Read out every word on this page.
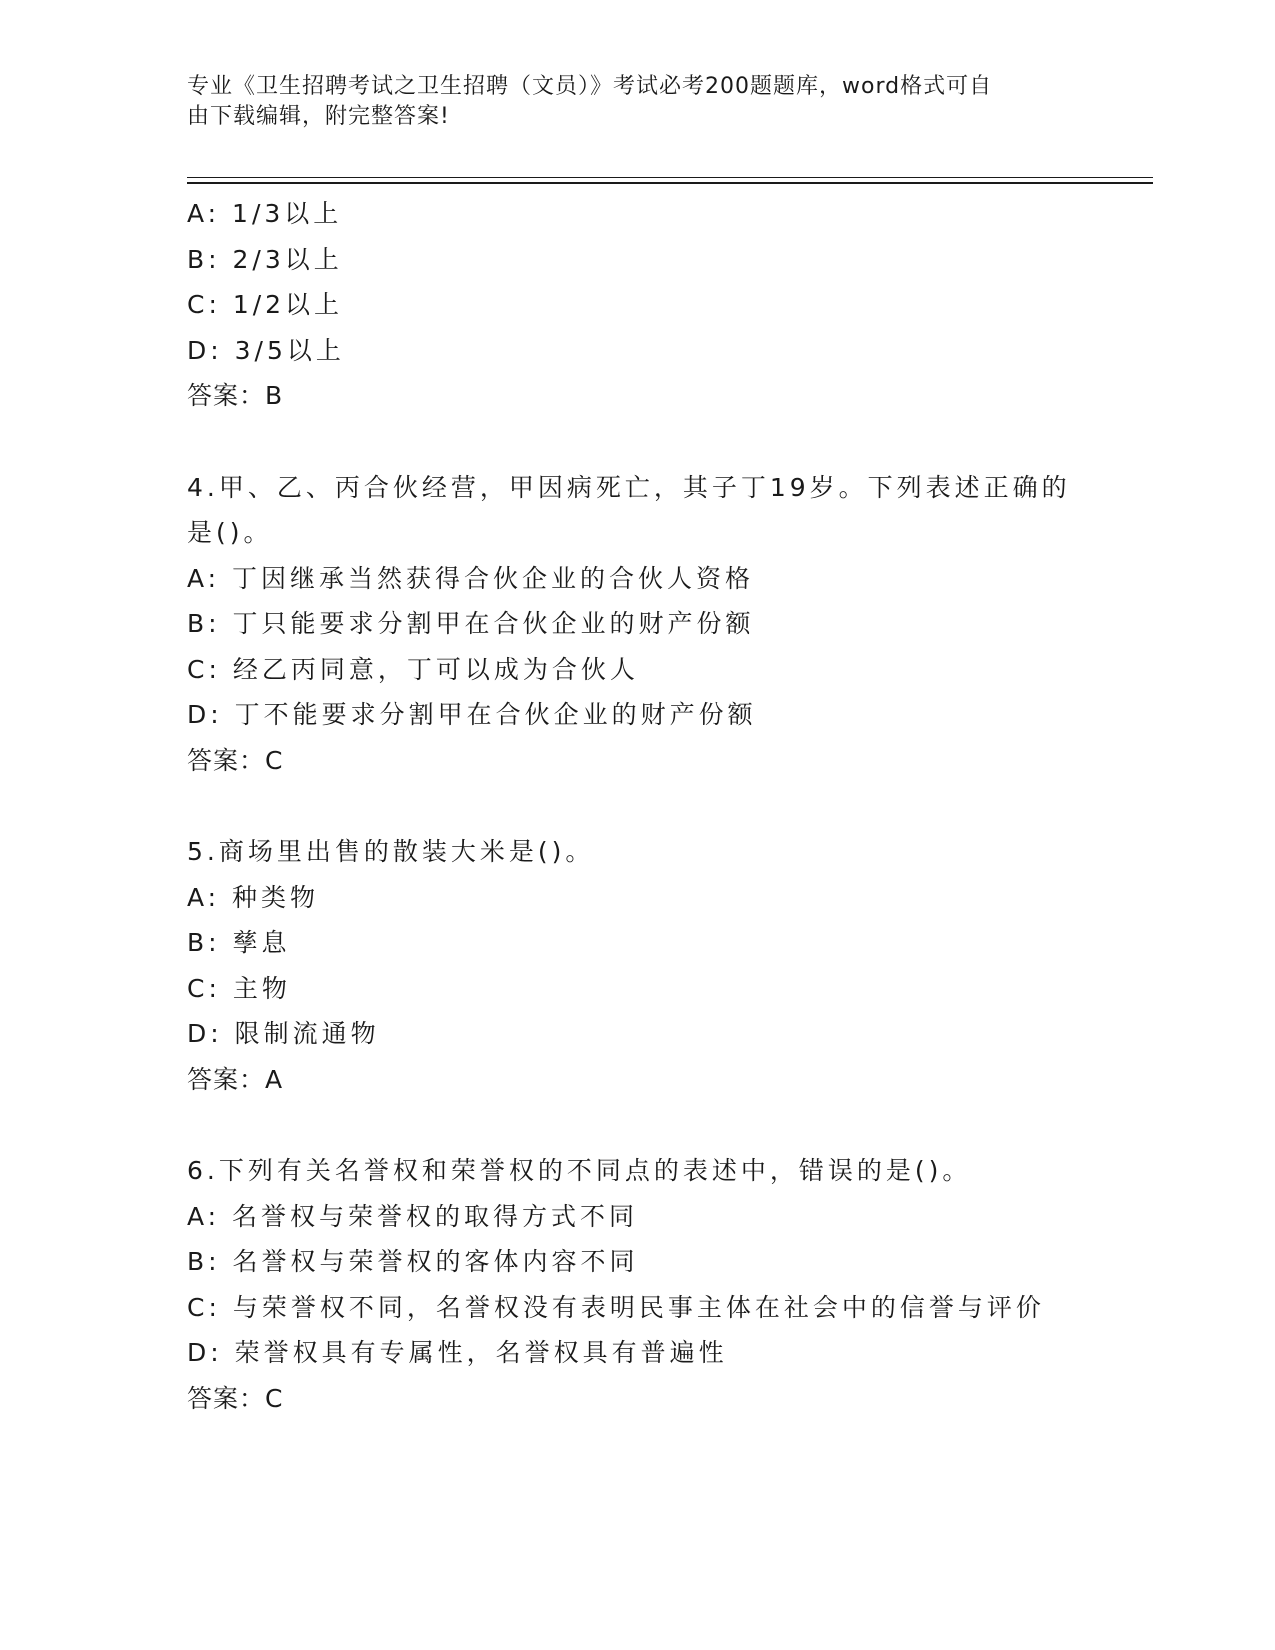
专业《卫生招聘考试之卫生招聘（文员）》考试必考200题题库，word格式可自
由下载编辑，附完整答案!
A: 1/3以上
B: 2/3以上
C: 1/2以上
D: 3/5以上
答案：B
4.甲、乙、丙合伙经营，甲因病死亡，其子丁19岁。下列表述正确的
是()。
A: 丁因继承当然获得合伙企业的合伙人资格
B: 丁只能要求分割甲在合伙企业的财产份额
C: 经乙丙同意，丁可以成为合伙人
D: 丁不能要求分割甲在合伙企业的财产份额
答案：C
5.商场里出售的散装大米是()。
A: 种类物
B: 孳息
C: 主物
D: 限制流通物
答案：A
6.下列有关名誉权和荣誉权的不同点的表述中，错误的是()。
A: 名誉权与荣誉权的取得方式不同
B: 名誉权与荣誉权的客体内容不同
C: 与荣誉权不同，名誉权没有表明民事主体在社会中的信誉与评价
D: 荣誉权具有专属性，名誉权具有普遍性
答案：C
